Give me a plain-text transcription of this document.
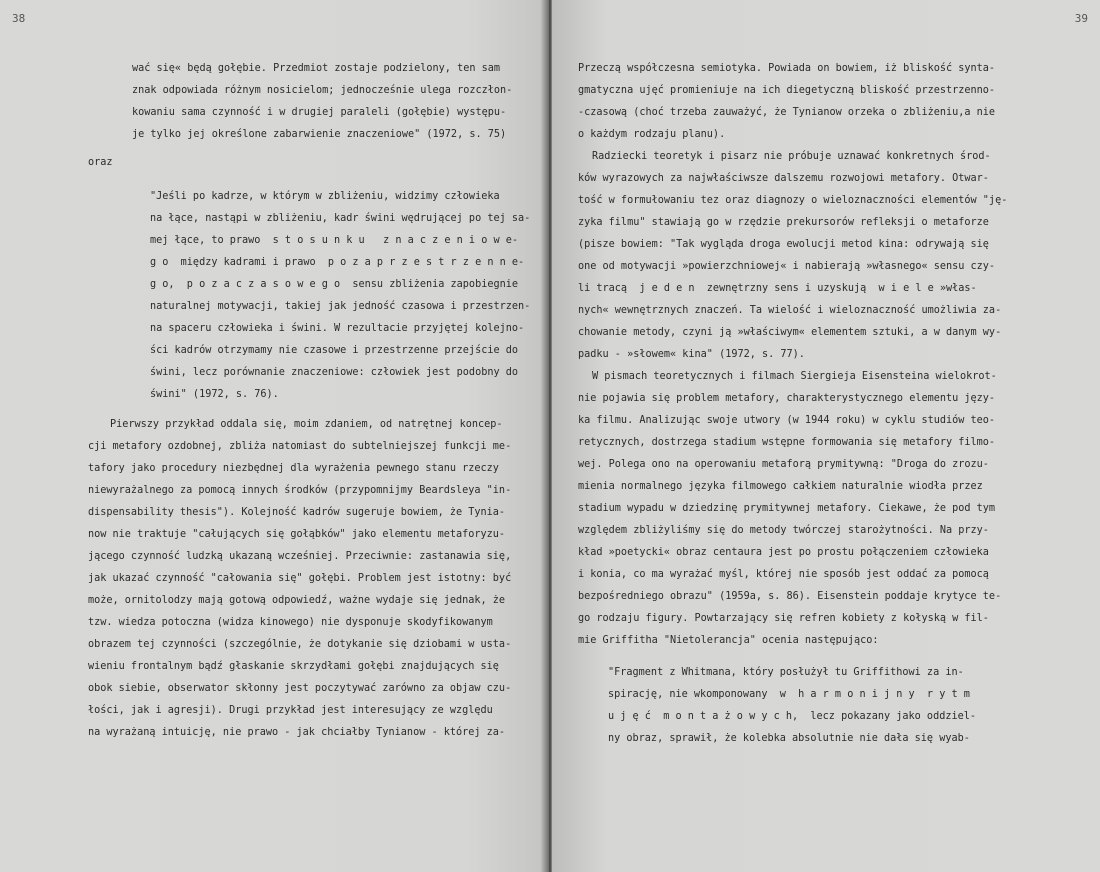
38
wać się« będą gołębie. Przedmiot zostaje podzielony, ten sam
znak odpowiada różnym nosicielom; jednocześnie ulega rozczłon-
kowaniu sama czynność i w drugiej paraleli (gołębie) występu-
je tylko jej określone zabarwienie znaczeniowe" (1972, s. 75)
oraz
"Jeśli po kadrze, w którym w zbliżeniu, widzimy człowieka
na łące, nastąpi w zbliżeniu, kadr świni wędrującej po tej sa-
mej łące, to prawo  s t o s u n k u   z n a c z e n i o w e-
g o  między kadrami i prawo  p o z a p r z e s t r z e n n e-
g o,  p o z a c z a s o w e g o  sensu zbliżenia zapobiegnie
naturalnej motywacji, takiej jak jedność czasowa i przestrzen-
na spaceru człowieka i świni. W rezultacie przyjętej kolejno-
ści kadrów otrzymamy nie czasowe i przestrzenne przejście do
świni, lecz porównanie znaczeniowe: człowiek jest podobny do
świni" (1972, s. 76).
Pierwszy przykład oddala się, moim zdaniem, od natrętnej koncep-
cji metafory ozdobnej, zbliża natomiast do subtelniejszej funkcji me-
tafory jako procedury niezbędnej dla wyrażenia pewnego stanu rzeczy
niewyrażalnego za pomocą innych środków (przypomnijmy Beardsleya "in-
dispensability thesis"). Kolejność kadrów sugeruje bowiem, że Tynia-
now nie traktuje "całujących się gołąbków" jako elementu metaforyzu-
jącego czynność ludzką ukazaną wcześniej. Przeciwnie: zastanawia się,
jak ukazać czynność "całowania się" gołębi. Problem jest istotny: być
może, ornitolodzy mają gotową odpowiedź, ważne wydaje się jednak, że
tzw. wiedza potoczna (widza kinowego) nie dysponuje skodyfikowanym
obrazem tej czynności (szczególnie, że dotykanie się dziobami w usta-
wieniu frontalnym bądź głaskanie skrzydłami gołębi znajdujących się
obok siebie, obserwator skłonny jest poczytywać zarówno za objaw czu-
łości, jak i agresji). Drugi przykład jest interesujący ze względu
na wyrażaną intuicję, nie prawo - jak chciałby Tynianow - której za-
39
Przeczą współczesna semiotyka. Powiada on bowiem, iż bliskość synta-
gmatyczna ujęć promieniuje na ich diegetyczną bliskość przestrzenno-
-czasową (choć trzeba zauważyć, że Tynianow orzeka o zbliżeniu,a nie
o każdym rodzaju planu).
Radziecki teoretyk i pisarz nie próbuje uznawać konkretnych środ-
ków wyrazowych za najwłaściwsze dalszemu rozwojowi metafory. Otwar-
tość w formułowaniu tez oraz diagnozy o wieloznaczności elementów "ję-
zyka filmu" stawiają go w rzędzie prekursorów refleksji o metaforze
(pisze bowiem: "Tak wygląda droga ewolucji metod kina: odrywają się
one od motywacji »powierzchniowej« i nabierają »własnego« sensu czy-
li tracą  j e d e n  zewnętrzny sens i uzyskują  w i e l e »włas-
nych« wewnętrznych znaczeń. Ta wielość i wieloznaczność umożliwia za-
chowanie metody, czyni ją »właściwym« elementem sztuki, a w danym wy-
padku - »słowem« kina" (1972, s. 77).
W pismach teoretycznych i filmach Siergieja Eisensteina wielokrot-
nie pojawia się problem metafory, charakterystycznego elementu języ-
ka filmu. Analizując swoje utwory (w 1944 roku) w cyklu studiów teo-
retycznych, dostrzega stadium wstępne formowania się metafory filmo-
wej. Polega ono na operowaniu metaforą prymitywną: "Droga do zrozu-
mienia normalnego języka filmowego całkiem naturalnie wiodła przez
stadium wypadu w dziedzinę prymitywnej metafory. Ciekawe, że pod tym
względem zbliżyliśmy się do metody twórczej starożytności. Na przy-
kład »poetycki« obraz centaura jest po prostu połączeniem człowieka
i konia, co ma wyrażać myśl, której nie sposób jest oddać za pomocą
bezpośredniego obrazu" (1959a, s. 86). Eisenstein poddaje krytyce te-
go rodzaju figury. Powtarzający się refren kobiety z kołyską w fil-
mie Griffitha "Nietolerancja" ocenia następująco:
"Fragment z Whitmana, który posłużył tu Griffithowi za in-
spirację, nie wkomponowany  w  h a r m o n i j n y  r y t m
u j ę ć  m o n t a ż o w y c h,  lecz pokazany jako oddziel-
ny obraz, sprawił, że kolebka absolutnie nie dała się wyab-
